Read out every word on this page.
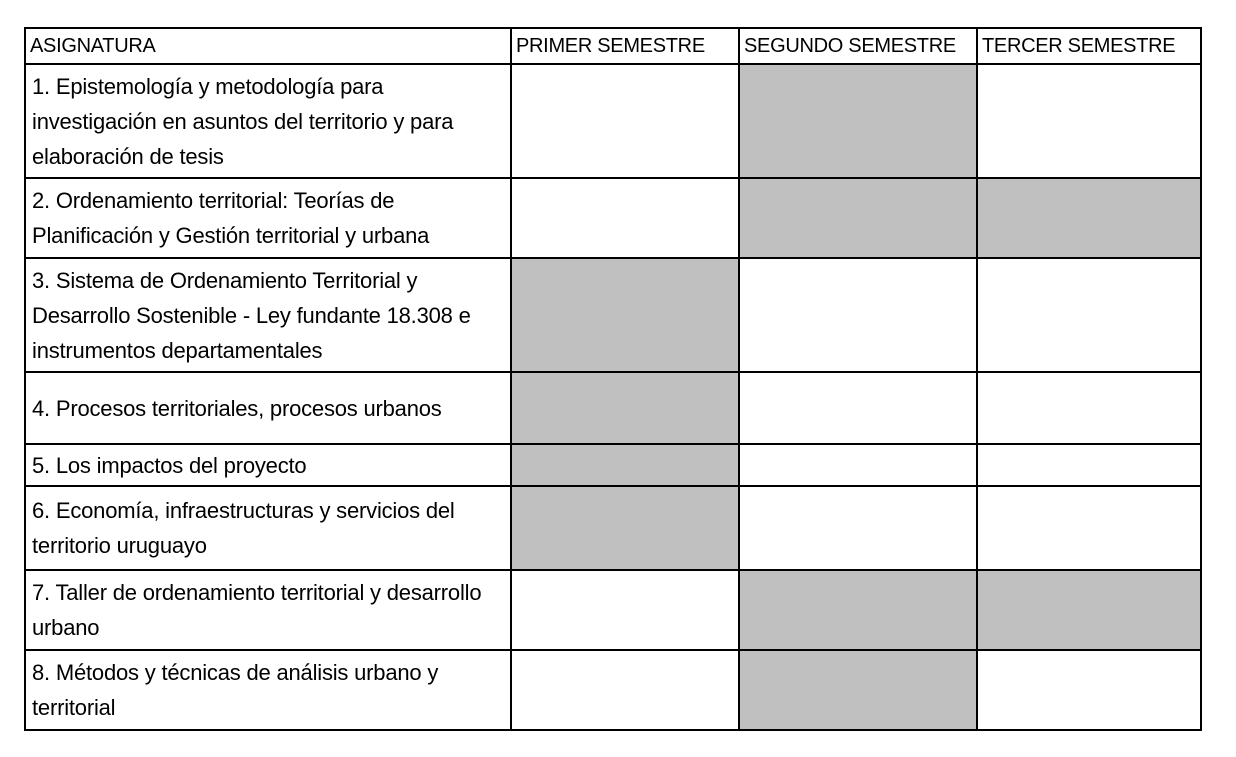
ASIGNATURA	PRIMER SEMESTRE	SEGUNDO SEMESTRE	TERCER SEMESTRE
1. Epistemología y metodología para investigación en asuntos del territorio y para elaboración de tesis			
2. Ordenamiento territorial: Teorías de Planificación y Gestión territorial y urbana			
3. Sistema de Ordenamiento Territorial y Desarrollo Sostenible - Ley fundante 18.308 e instrumentos departamentales			
4. Procesos territoriales, procesos urbanos			
5. Los impactos del proyecto			
6. Economía, infraestructuras y servicios del territorio uruguayo			
7. Taller de ordenamiento territorial y desarrollo urbano			
8. Métodos y técnicas de análisis urbano y territorial			
